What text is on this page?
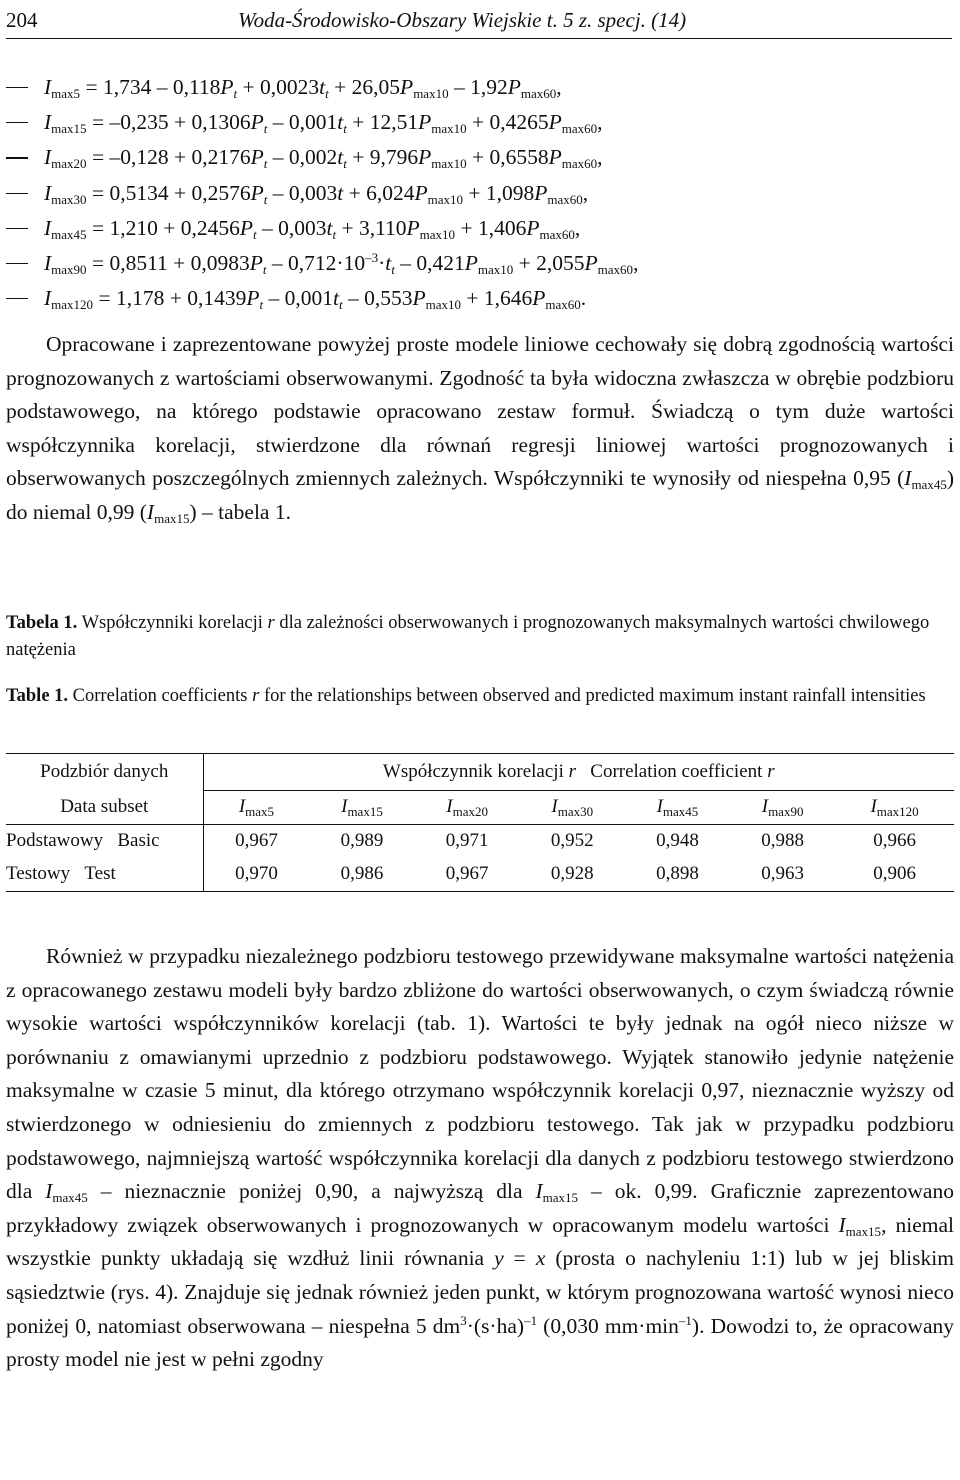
204	Woda-Środowisko-Obszary Wiejskie t. 5 z. specj. (14)
$I_{max5} = 1,734 - 0,118P_t + 0,0023t_t + 26,05P_{max10} - 1,92P_{max60}$,
$I_{max15} = -0,235 + 0,1306P_t - 0,001t_t + 12,51P_{max10} + 0,4265P_{max60}$,
$I_{max20} = -0,128 + 0,2176P_t - 0,002t_t + 9,796P_{max10} + 0,6558P_{max60}$,
$I_{max30} = 0,5134 + 0,2576P_t - 0,003t + 6,024P_{max10} + 1,098P_{max60}$,
$I_{max45} = 1,210 + 0,2456P_t - 0,003t_t + 3,110P_{max10} + 1,406P_{max60}$,
$I_{max90} = 0,8511 + 0,0983P_t - 0,712\cdot 10^{-3}\cdot t_t - 0,421P_{max10} + 2,055P_{max60}$,
$I_{max120} = 1,178 + 0,1439P_t - 0,001t_t - 0,553P_{max10} + 1,646P_{max60}$.

Opracowane i zaprezentowane powyżej proste modele liniowe cechowały się dobrą zgodnością wartości prognozowanych z wartościami obserwowanymi. Zgodność ta była widoczna zwłaszcza w obrębie podzbioru podstawowego, na którego podstawie opracowano zestaw formuł. Świadczą o tym duże wartości współczynnika korelacji, stwierdzone dla równań regresji liniowej wartości prognozowanych i obserwowanych poszczególnych zmiennych zależnych. Współczynniki te wynosiły od niespełna 0,95 $(I_{max45})$ do niemal 0,99 $(I_{max15})$ – tabela 1.

Tabela 1. Współczynniki korelacji r dla zależności obserwowanych i prognozowanych maksymalnych wartości chwilowego natężenia
Table 1. Correlation coefficients r for the relationships between observed and predicted maximum instant rainfall intensities
Podzbiór danych	Współczynnik korelacji r   Correlation coefficient r						
Data subset	$I_{max5}$	$I_{max15}$	$I_{max20}$	$I_{max30}$	$I_{max45}$	$I_{max90}$	$I_{max120}$
Podstawowy   Basic	0,967	0,989	0,971	0,952	0,948	0,988	0,966
Testowy   Test	0,970	0,986	0,967	0,928	0,898	0,963	0,906

Również w przypadku niezależnego podzbioru testowego przewidywane maksymalne wartości natężenia z opracowanego zestawu modeli były bardzo zbliżone do wartości obserwowanych, o czym świadczą równie wysokie wartości współczynników korelacji (tab. 1). Wartości te były jednak na ogół nieco niższe w porównaniu z omawianymi uprzednio z podzbioru podstawowego. Wyjątek stanowiło jedynie natężenie maksymalne w czasie 5 minut, dla którego otrzymano współczynnik korelacji 0,97, nieznacznie wyższy od stwierdzonego w odniesieniu do zmiennych z podzbioru testowego. Tak jak w przypadku podzbioru podstawowego, najmniejszą wartość współczynnika korelacji dla danych z podzbioru testowego stwierdzono dla $I_{max45}$ – nieznacznie poniżej 0,90, a najwyższą dla $I_{max15}$ – ok. 0,99. Graficznie zaprezentowano przykładowy związek obserwowanych i prognozowanych w opracowanym modelu wartości $I_{max15}$, niemal wszystkie punkty układają się wzdłuż linii równania y = x (prosta o nachyleniu 1:1) lub w jej bliskim sąsiedztwie (rys. 4). Znajduje się jednak również jeden punkt, w którym prognozowana wartość wynosi nieco poniżej 0, natomiast obserwowana – niespełna 5 $dm^3\cdot(s\cdot ha)^{-1}$ (0,030 $mm\cdot\min^{-1}$). Dowodzi to, że opracowany prosty model nie jest w pełni zgodny
